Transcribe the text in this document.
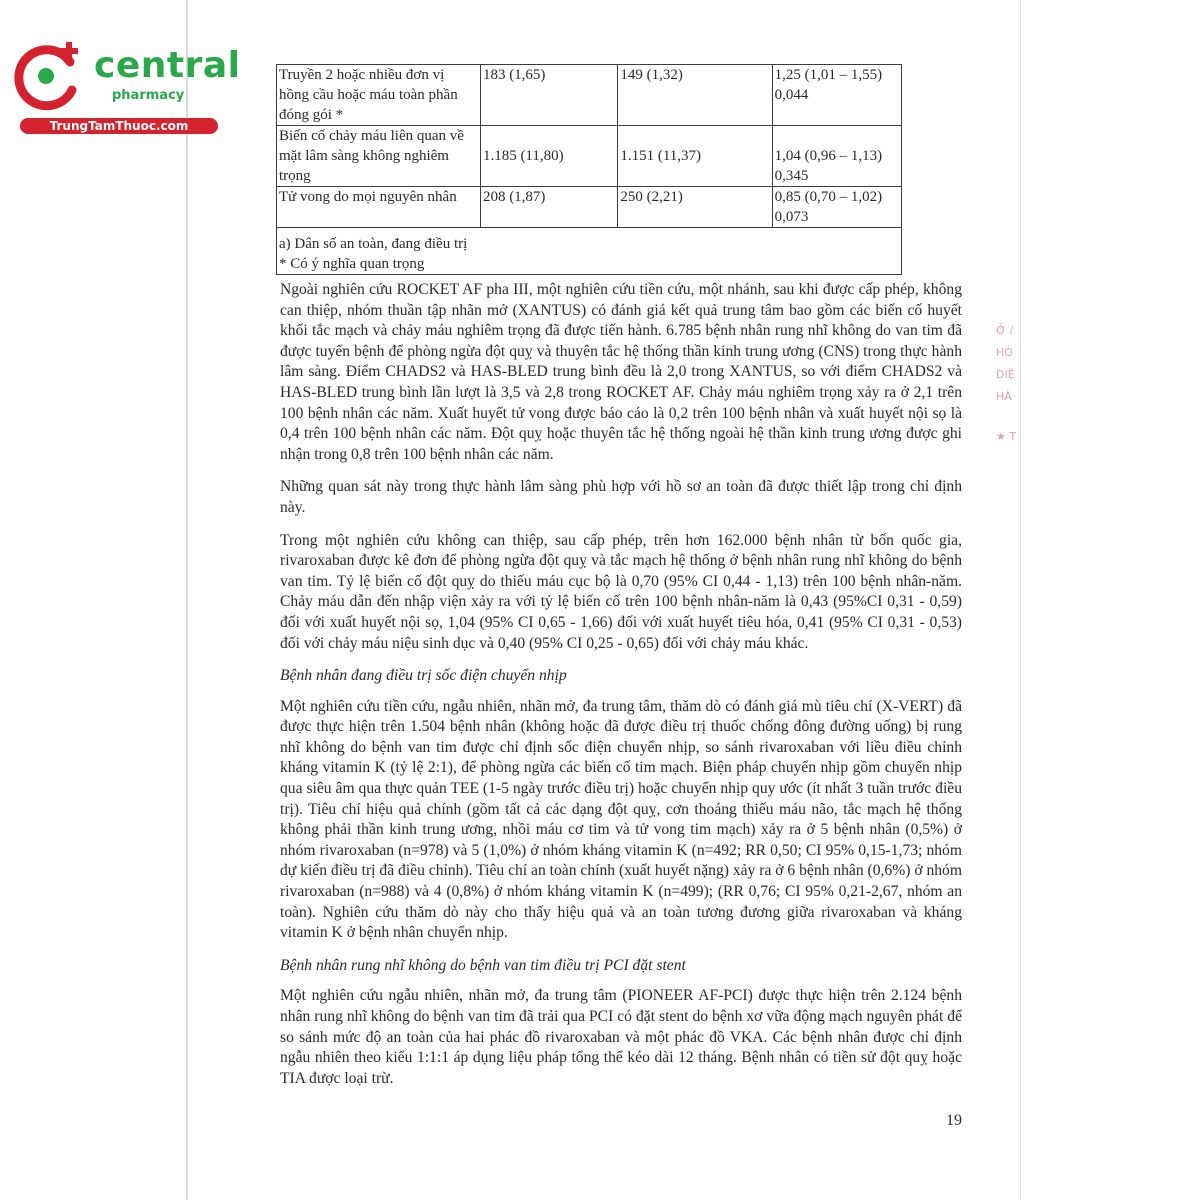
central
pharmacy
TrungTamThuoc.com
Truyền 2 hoặc nhiều đơn vị hồng cầu hoặc máu toàn phần đóng gói *	183 (1,65)	149 (1,32)	1,25 (1,01 – 1,55) 0,044
Biến cố chảy máu liên quan về mặt lâm sàng không nghiêm trọng	1.185 (11,80)	1.151 (11,37)	1,04 (0,96 – 1,13) 0,345
Tử vong do mọi nguyên nhân	208 (1,87)	250 (2,21)	0,85 (0,70 – 1,02) 0,073

a) Dân số an toàn, đang điều trị
* Có ý nghĩa quan trọng			

Ngoài nghiên cứu ROCKET AF pha III, một nghiên cứu tiền cứu, một nhánh, sau khi được cấp phép, không can thiệp, nhóm thuần tập nhãn mở (XANTUS) có đánh giá kết quả trung tâm bao gồm các biến cố huyết khối tắc mạch và chảy máu nghiêm trọng đã được tiến hành. 6.785 bệnh nhân rung nhĩ không do van tim đã được tuyển bệnh để phòng ngừa đột quỵ và thuyên tắc hệ thống thần kinh trung ương (CNS) trong thực hành lâm sàng. Điểm CHADS2 và HAS-BLED trung bình đều là 2,0 trong XANTUS, so với điểm CHADS2 và HAS-BLED trung bình lần lượt là 3,5 và 2,8 trong ROCKET AF. Chảy máu nghiêm trọng xảy ra ở 2,1 trên 100 bệnh nhân các năm. Xuất huyết tử vong được báo cáo là 0,2 trên 100 bệnh nhân và xuất huyết nội sọ là 0,4 trên 100 bệnh nhân các năm. Đột quỵ hoặc thuyên tắc hệ thống ngoài hệ thần kinh trung ương được ghi nhận trong 0,8 trên 100 bệnh nhân các năm.

Những quan sát này trong thực hành lâm sàng phù hợp với hồ sơ an toàn đã được thiết lập trong chỉ định này.

Trong một nghiên cứu không can thiệp, sau cấp phép, trên hơn 162.000 bệnh nhân từ bốn quốc gia, rivaroxaban được kê đơn để phòng ngừa đột quỵ và tắc mạch hệ thống ở bệnh nhân rung nhĩ không do bệnh van tim. Tỷ lệ biến cố đột quỵ do thiếu máu cục bộ là 0,70 (95% CI 0,44 - 1,13) trên 100 bệnh nhân-năm. Chảy máu dẫn đến nhập viện xảy ra với tỷ lệ biến cố trên 100 bệnh nhân-năm là 0,43 (95%CI 0,31 - 0,59) đối với xuất huyết nội sọ, 1,04 (95% CI 0,65 - 1,66) đối với xuất huyết tiêu hóa, 0,41 (95% CI 0,31 - 0,53) đối với chảy máu niệu sinh dục và 0,40 (95% CI 0,25 - 0,65) đối với chảy máu khác.

Bệnh nhân đang điều trị sốc điện chuyển nhịp

Một nghiên cứu tiền cứu, ngẫu nhiên, nhãn mở, đa trung tâm, thăm dò có đánh giá mù tiêu chí (X-VERT) đã được thực hiện trên 1.504 bệnh nhân (không hoặc đã được điều trị thuốc chống đông đường uống) bị rung nhĩ không do bệnh van tim được chỉ định sốc điện chuyển nhịp, so sánh rivaroxaban với liều điều chỉnh kháng vitamin K (tỷ lệ 2:1), để phòng ngừa các biến cố tim mạch. Biện pháp chuyển nhịp gồm chuyển nhịp qua siêu âm qua thực quản TEE (1-5 ngày trước điều trị) hoặc chuyển nhịp quy ước (ít nhất 3 tuần trước điều trị). Tiêu chí hiệu quả chính (gồm tất cả các dạng đột quỵ, cơn thoáng thiếu máu não, tắc mạch hệ thống không phải thần kinh trung ương, nhồi máu cơ tim và tử vong tim mạch) xảy ra ở 5 bệnh nhân (0,5%) ở nhóm rivaroxaban (n=978) và 5 (1,0%) ở nhóm kháng vitamin K (n=492; RR 0,50; CI 95% 0,15-1,73; nhóm dự kiến điều trị đã điều chỉnh). Tiêu chí an toàn chính (xuất huyết nặng) xảy ra ở 6 bệnh nhân (0,6%) ở nhóm rivaroxaban (n=988) và 4 (0,8%) ở nhóm kháng vitamin K (n=499); (RR 0,76; CI 95% 0,21-2,67, nhóm an toàn). Nghiên cứu thăm dò này cho thấy hiệu quả và an toàn tương đương giữa rivaroxaban và kháng vitamin K ở bệnh nhân chuyển nhịp.

Bệnh nhân rung nhĩ không do bệnh van tim điều trị PCI đặt stent

Một nghiên cứu ngẫu nhiên, nhãn mở, đa trung tâm (PIONEER AF-PCI) được thực hiện trên 2.124 bệnh nhân rung nhĩ không do bệnh van tim đã trải qua PCI có đặt stent do bệnh xơ vữa động mạch nguyên phát để so sánh mức độ an toàn của hai phác đồ rivaroxaban và một phác đồ VKA. Các bệnh nhân được chỉ định ngẫu nhiên theo kiểu 1:1:1 áp dụng liệu pháp tổng thể kéo dài 12 tháng. Bệnh nhân có tiền sử đột quỵ hoặc TIA được loại trừ.

19
Ở /
HÒ
DIỆ
HÀ
★ T
